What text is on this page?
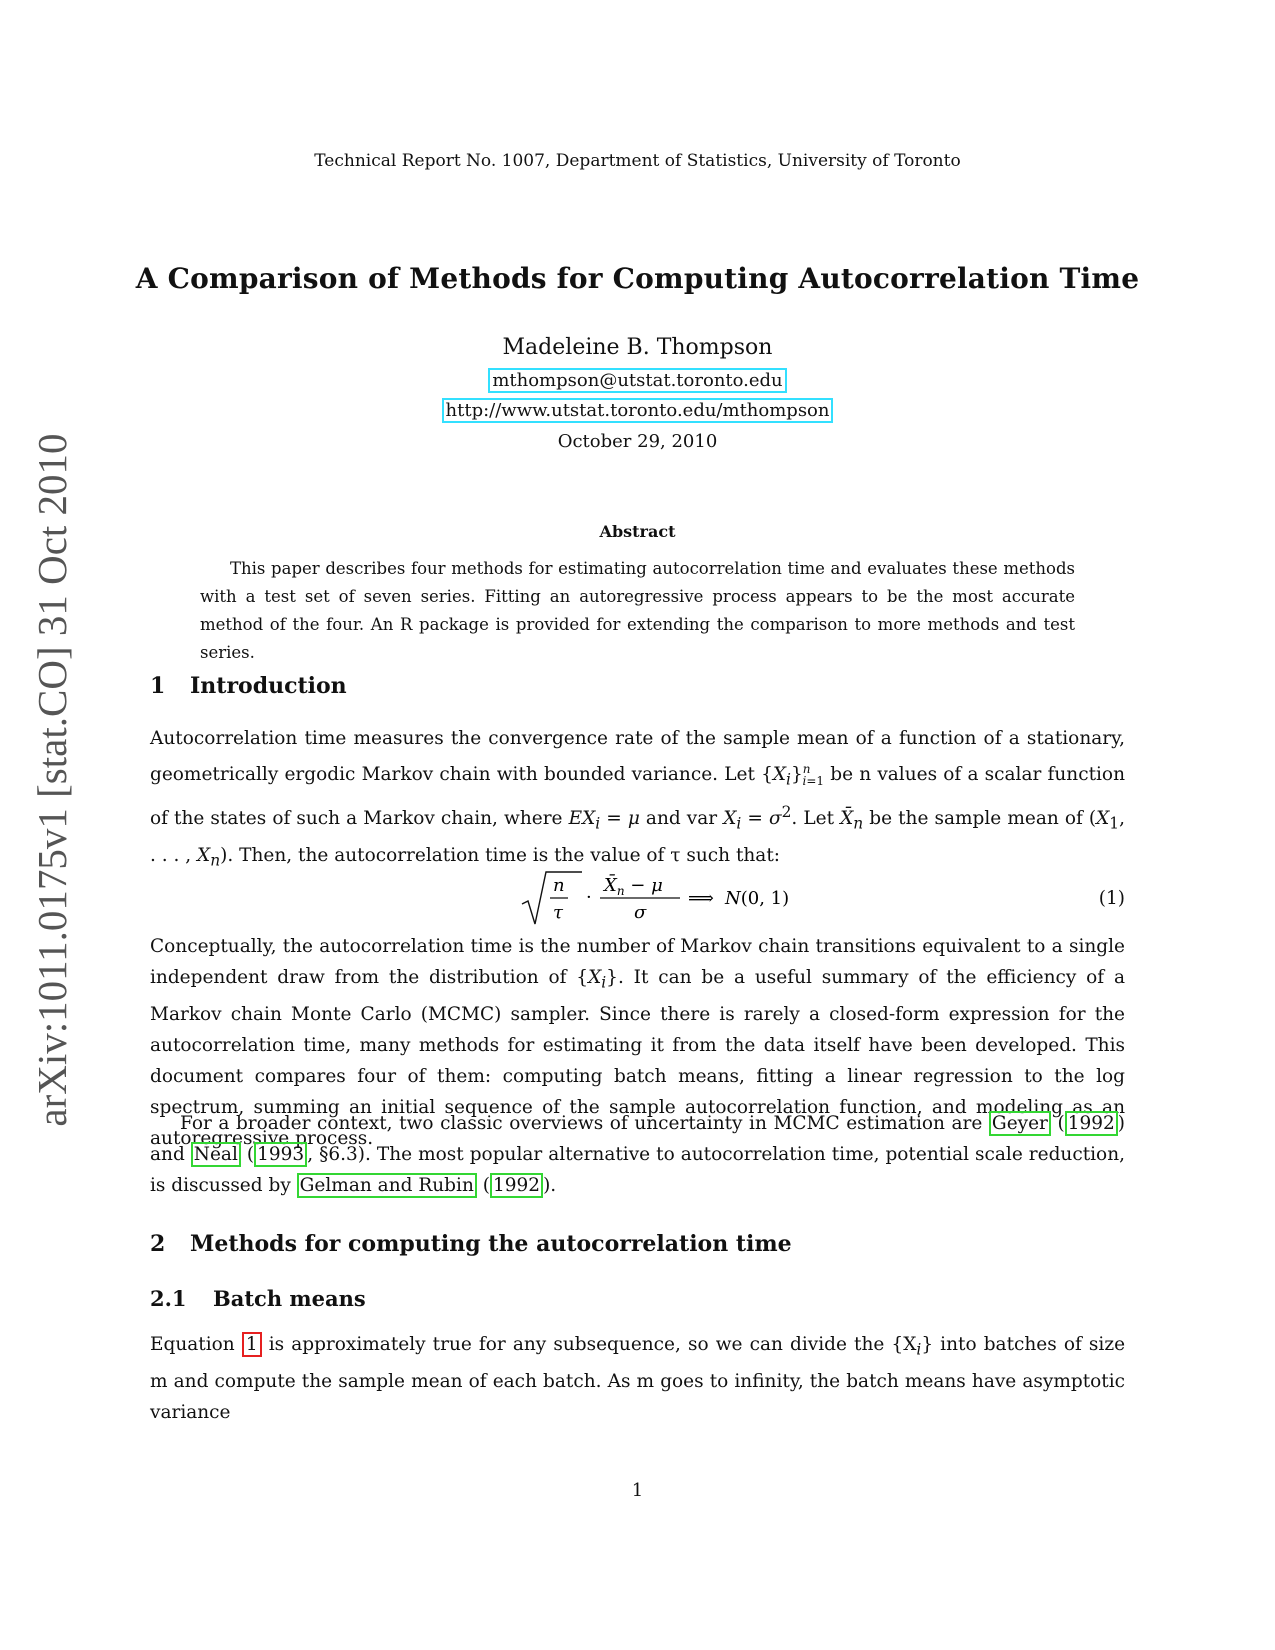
arXiv:1011.0175v1 [stat.CO] 31 Oct 2010
Technical Report No. 1007, Department of Statistics, University of Toronto
A Comparison of Methods for Computing Autocorrelation Time
Madeleine B. Thompson
mthompson@utstat.toronto.edu
http://www.utstat.toronto.edu/mthompson
October 29, 2010
Abstract
This paper describes four methods for estimating autocorrelation time and evaluates these methods with a test set of seven series. Fitting an autoregressive process appears to be the most accurate method of the four. An R package is provided for extending the comparison to more methods and test series.
1 Introduction
Autocorrelation time measures the convergence rate of the sample mean of a function of a stationary, geometrically ergodic Markov chain with bounded variance. Let $\{X_i\}^n_{i=1}$ be n values of a scalar function of the states of such a Markov chain, where $EX_i = \mu$ and var $X_i = \sigma^2$. Let $X̄_n$ be the sample mean of ($X_1$, . . . , $X_n$). Then, the autocorrelation time is the value of τ such that:
n
τ
·
$X̄_n - \mu$
σ
⟹ N(0, 1)	(1)
Conceptually, the autocorrelation time is the number of Markov chain transitions equivalent to a single independent draw from the distribution of $\{X_i\}$. It can be a useful summary of the efficiency of a Markov chain Monte Carlo (MCMC) sampler. Since there is rarely a closed-form expression for the autocorrelation time, many methods for estimating it from the data itself have been developed. This document compares four of them: computing batch means, fitting a linear regression to the log spectrum, summing an initial sequence of the sample autocorrelation function, and modeling as an autoregressive process.
For a broader context, two classic overviews of uncertainty in MCMC estimation are Geyer ( 1992 ) and Neal ( 1993 , §6.3). The most popular alternative to autocorrelation time, potential scale reduction, is discussed by Gelman and Rubin ( 1992 ).
2 Methods for computing the autocorrelation time
2.1 Batch means
Equation 1 is approximately true for any subsequence, so we can divide the $\{X_i\}$ into batches of size m and compute the sample mean of each batch. As m goes to infinity, the batch means have asymptotic variance
1
